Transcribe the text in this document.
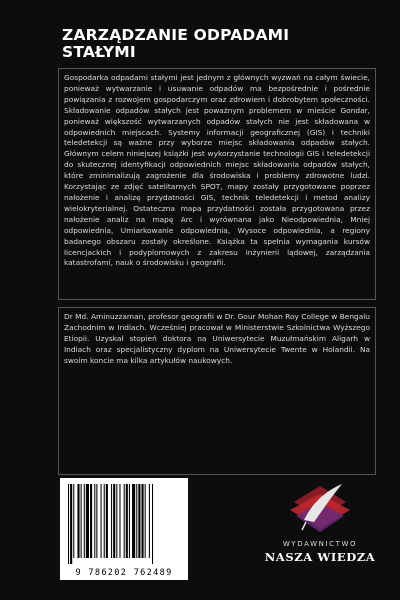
ZARZĄDZANIE ODPADAMI
STAŁYMI

Gospodarka odpadami stałymi jest jednym z głównych wyzwań na całym świecie, ponieważ wytwarzanie i usuwanie odpadów ma bezpośrednie i pośrednie powiązania z rozwojem gospodarczym oraz zdrowiem i dobrobytem społeczności. Składowanie odpadów stałych jest poważnym problemem w mieście Gondar, ponieważ większość wytwarzanych odpadów stałych nie jest składowana w odpowiednich miejscach. Systemy informacji geograficznej (GIS) i techniki teledetekcji są ważne przy wyborze miejsc składowania odpadów stałych. Głównym celem niniejszej książki jest wykorzystanie technologii GIS i teledetekcji do skutecznej identyfikacji odpowiednich miejsc składowania odpadów stałych, które zminimalizują zagrożenie dla środowiska i problemy zdrowotne ludzi. Korzystając ze zdjęć satelitarnych SPOT, mapy zostały przygotowane poprzez nałożenie i analizę przydatności GIS, technik teledetekcji i metod analizy wielokryterialnej. Ostateczna mapa przydatności została przygotowana przez nałożenie analiz na mapę Arc i wyrównana jako Nieodpowiednia, Mniej odpowiednia, Umiarkowanie odpowiednia, Wysoce odpowiednia, a regiony badanego obszaru zostały określone. Książka ta spełnia wymagania kursów licencjackich i podyplomowych z zakresu inżynierii lądowej, zarządzania katastrofami, nauk o środowisku i geografii.

Dr Md. Aminuzzaman, profesor geografii w Dr. Gour Mohan Roy College w Bengalu Zachodnim w Indiach. Wcześniej pracował w Ministerstwie Szkolnictwa Wyższego Etiopii. Uzyskał stopień doktora na Uniwersytecie Muzułmańskim Aligarh w Indiach oraz specjalistyczny dyplom na Uniwersytecie Twente w Holandii. Na swoim koncie ma kilka artykułów naukowych.

9 786202 762489
WYDAWNICTWO
NASZA WIEDZA
